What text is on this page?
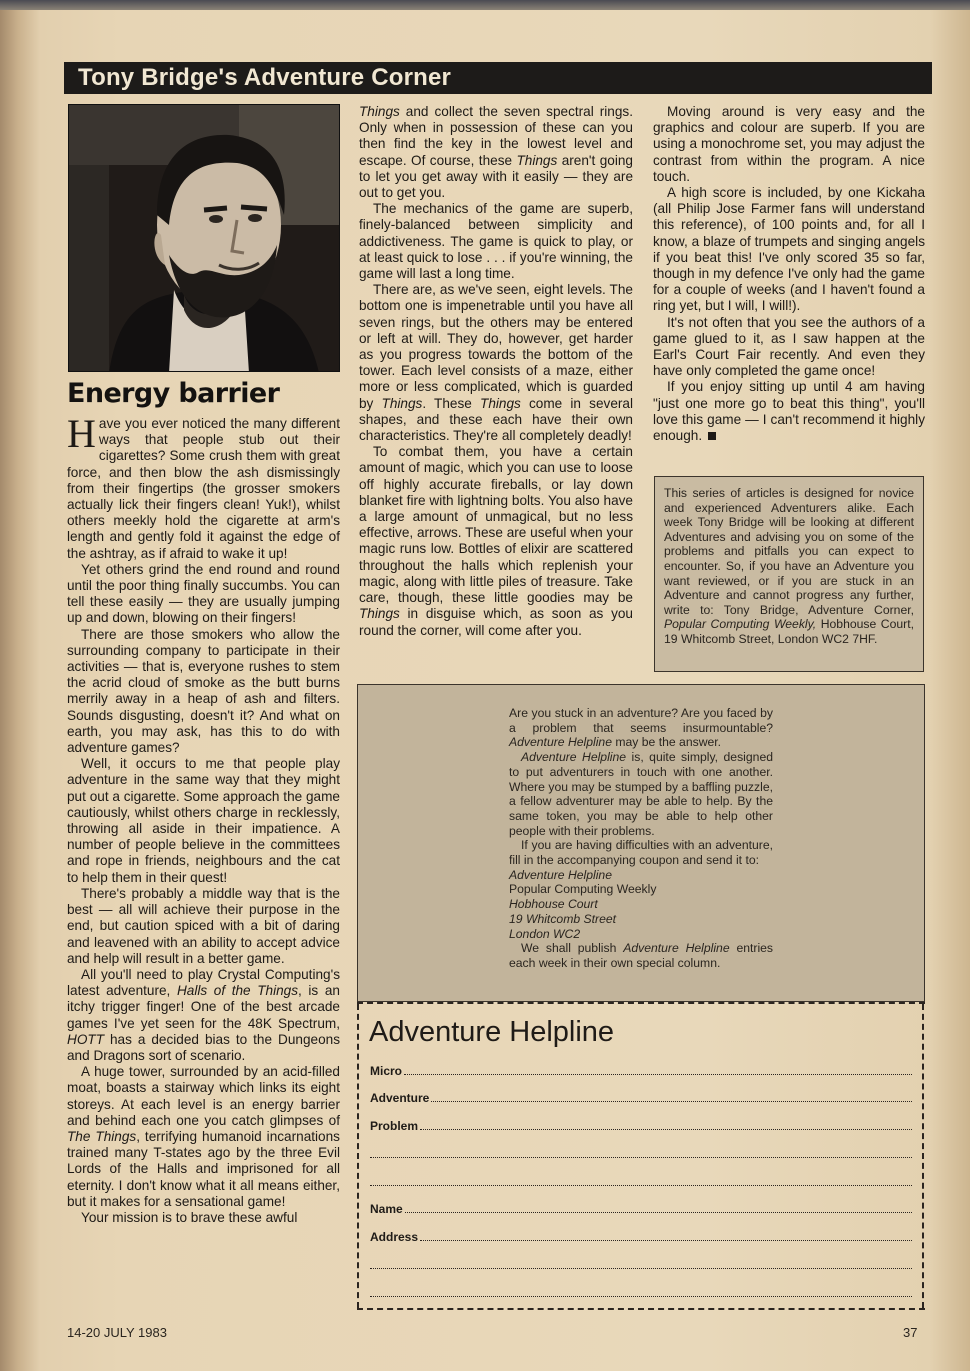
Tony Bridge's Adventure Corner
Energy barrier

Have you ever noticed the many different ways that people stub out their cigarettes? Some crush them with great force, and then blow the ash dismissingly from their fingertips (the grosser smokers actually lick their fingers clean! Yuk!), whilst others meekly hold the cigarette at arm's length and gently fold it against the edge of the ashtray, as if afraid to wake it up!

Yet others grind the end round and round until the poor thing finally succumbs. You can tell these easily — they are usually jumping up and down, blowing on their fingers!

There are those smokers who allow the surrounding company to participate in their activities — that is, everyone rushes to stem the acrid cloud of smoke as the butt burns merrily away in a heap of ash and filters. Sounds disgusting, doesn't it? And what on earth, you may ask, has this to do with adventure games?

Well, it occurs to me that people play adventure in the same way that they might put out a cigarette. Some approach the game cautiously, whilst others charge in recklessly, throwing all aside in their impatience. A number of people believe in the committees and rope in friends, neighbours and the cat to help them in their quest!

There's probably a middle way that is the best — all will achieve their purpose in the end, but caution spiced with a bit of daring and leavened with an ability to accept advice and help will result in a better game.

All you'll need to play Crystal Computing's latest adventure, Halls of the Things, is an itchy trigger finger! One of the best arcade games I've yet seen for the 48K Spectrum, HOTT has a decided bias to the Dungeons and Dragons sort of scenario.

A huge tower, surrounded by an acid-filled moat, boasts a stairway which links its eight storeys. At each level is an energy barrier and behind each one you catch glimpses of The Things, terrifying humanoid incarnations trained many T-states ago by the three Evil Lords of the Halls and imprisoned for all eternity. I don't know what it all means either, but it makes for a sensational game!

Your mission is to brave these awful

Things and collect the seven spectral rings. Only when in possession of these can you then find the key in the lowest level and escape. Of course, these Things aren't going to let you get away with it easily — they are out to get you.

The mechanics of the game are superb, finely-balanced between simplicity and addictiveness. The game is quick to play, or at least quick to lose . . . if you're winning, the game will last a long time.

There are, as we've seen, eight levels. The bottom one is impenetrable until you have all seven rings, but the others may be entered or left at will. They do, however, get harder as you progress towards the bottom of the tower. Each level consists of a maze, either more or less complicated, which is guarded by Things. These Things come in several shapes, and these each have their own characteristics. They're all completely deadly!

To combat them, you have a certain amount of magic, which you can use to loose off highly accurate fireballs, or lay down blanket fire with lightning bolts. You also have a large amount of unmagical, but no less effective, arrows. These are useful when your magic runs low. Bottles of elixir are scattered throughout the halls which replenish your magic, along with little piles of treasure. Take care, though, these little goodies may be Things in disguise which, as soon as you round the corner, will come after you.

Moving around is very easy and the graphics and colour are superb. If you are using a monochrome set, you may adjust the contrast from within the program. A nice touch.

A high score is included, by one Kickaha (all Philip Jose Farmer fans will understand this reference), of 100 points and, for all I know, a blaze of trumpets and singing angels if you beat this! I've only scored 35 so far, though in my defence I've only had the game for a couple of weeks (and I haven't found a ring yet, but I will, I will!).

It's not often that you see the authors of a game glued to it, as I saw happen at the Earl's Court Fair recently. And even they have only completed the game once!

If you enjoy sitting up until 4 am having "just one more go to beat this thing", you'll love this game — I can't recommend it highly enough.

This series of articles is designed for novice and experienced Adventurers alike. Each week Tony Bridge will be looking at different Adventures and advising you on some of the problems and pitfalls you can expect to encounter. So, if you have an Adventure you want reviewed, or if you are stuck in an Adventure and cannot progress any further, write to: Tony Bridge, Adventure Corner, Popular Computing Weekly, Hobhouse Court, 19 Whitcomb Street, London WC2 7HF.

Are you stuck in an adventure? Are you faced by a problem that seems insurmountable? Adventure Helpline may be the answer.

Adventure Helpline is, quite simply, designed to put adventurers in touch with one another. Where you may be stumped by a baffling puzzle, a fellow adventurer may be able to help. By the same token, you may be able to help other people with their problems.

If you are having difficulties with an adventure, fill in the accompanying coupon and send it to:

Adventure Helpline

Popular Computing Weekly

Hobhouse Court

19 Whitcomb Street

London WC2

We shall publish Adventure Helpline entries each week in their own special column.

Adventure Helpline
Micro
Adventure
Problem
Name
Address
14-20 JULY 1983	37
